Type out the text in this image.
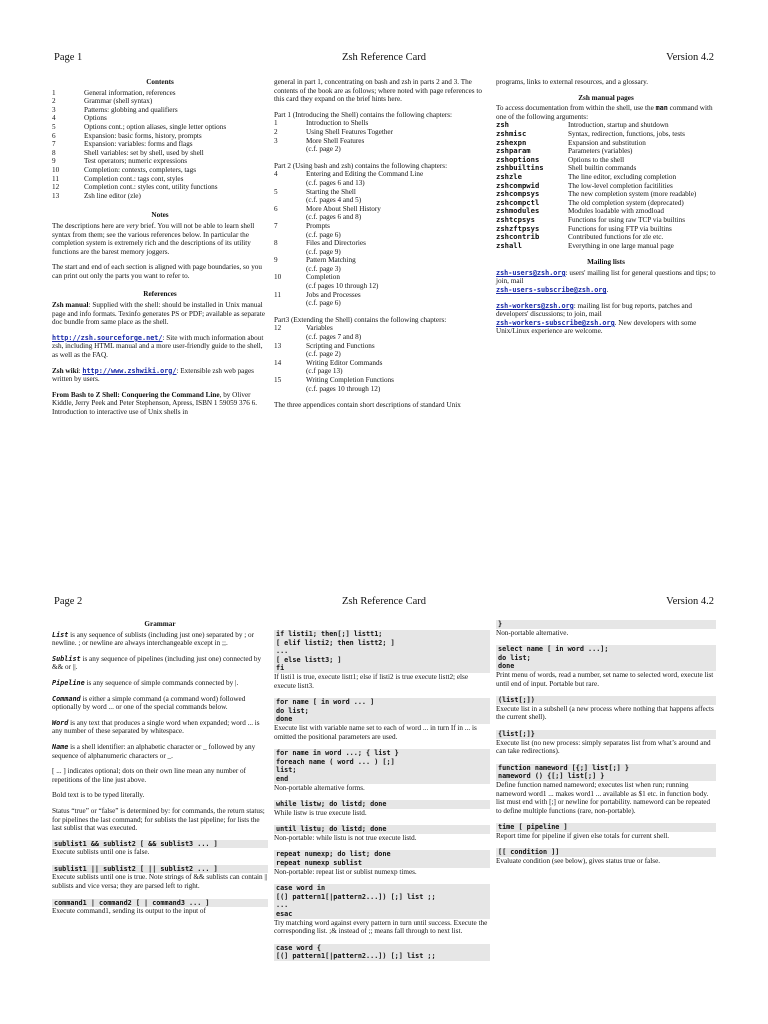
Page 1	Zsh Reference Card	Version 4.2
Contents
1	General information, references
2	Grammar (shell syntax)
3	Patterns: globbing and qualifiers
4	Options
5	Options cont.; option aliases, single letter options
6	Expansion: basic forms, history, prompts
7	Expansion: variables: forms and flags
8	Shell variables: set by shell, used by shell
9	Test operators; numeric expressions
10	Completion: contexts, completers, tags
11	Completion cont.: tags cont, styles
12	Completion cont.: styles cont, utility functions
13	Zsh line editor (zle)
Notes
The descriptions here are very brief. You will not be able to learn shell syntax from them; see the various references below. In particular the completion system is extremely rich and the descriptions of its utility functions are the barest memory joggers.
The start and end of each section is aligned with page boundaries, so you can print out only the parts you want to refer to.
References
Zsh manual: Supplied with the shell: should be installed in Unix manual page and info formats. Texinfo generates PS or PDF; available as separate doc bundle from same place as the shell.
http://zsh.sourceforge.net/: Site with much information about zsh, including HTML manual and a more user-friendly guide to the shell, as well as the FAQ.
Zsh wiki: http://www.zshwiki.org/: Extensible zsh web pages written by users.
From Bash to Z Shell: Conquering the Command Line, by Oliver Kiddle, Jerry Peek and Peter Stephenson, Apress, ISBN 1 59059 376 6. Introduction to interactive use of Unix shells in
general in part 1, concentrating on bash and zsh in parts 2 and 3. The contents of the book are as follows; where noted with page references to this card they expand on the brief hints here.
Part 1 (Introducing the Shell) contains the following chapters:
1	Introduction to Shells
2	Using Shell Features Together
3	More Shell Features
	(c.f. page 2)
Part 2 (Using bash and zsh) contains the following chapters:
4	Entering and Editing the Command Line
	(c.f. pages 6 and 13)
5	Starting the Shell
	(c.f. pages 4 and 5)
6	More About Shell History
	(c.f. pages 6 and 8)
7	Prompts
	(c.f. page 6)
8	Files and Directories
	(c.f. page 9)
9	Pattern Matching
	(c.f. page 3)
10	Completion
	(c.f pages 10 through 12)
11	Jobs and Processes
	(c.f. page 6)
Part3 (Extending the Shell) contains the following chapters:
12	Variables
	(c.f. pages 7 and 8)
13	Scripting and Functions
	(c.f. page 2)
14	Writing Editor Commands
	(c.f page 13)
15	Writing Completion Functions
	(c.f. pages 10 through 12)
The three appendices contain short descriptions of standard Unix
programs, links to external resources, and a glossary.
Zsh manual pages
To access documentation from within the shell, use the man command with one of the following arguments:
zsh	Introduction, startup and shutdown
zshmisc	Syntax, redirection, functions, jobs, tests
zshexpn	Expansion and substitution
zshparam	Parameters (variables)
zshoptions	Options to the shell
zshbuiltins	Shell builtin commands
zshzle	The line editor, excluding completion
zshcompwid	The low-level completion facitilities
zshcompsys	The new completion system (more readable)
zshcompctl	The old completion system (deprecated)
zshmodules	Modules loadable with zmodload
zshtcpsys	Functions for using raw TCP via builtins
zshzftpsys	Functions for using FTP via builtins
zshcontrib	Contributed functions for zle etc.
zshall	Everything in one large manual page
Mailing lists
zsh-users@zsh.org: users' mailing list for general questions and tips; to join, mail
zsh-users-subscribe@zsh.org.
zsh-workers@zsh.org: mailing list for bug reports, patches and developers' discussions; to join, mail
zsh-workers-subscribe@zsh.org. New developers with some Unix/Linux experience are welcome.
Page 2	Zsh Reference Card	Version 4.2
Grammar
List is any sequence of sublists (including just one) separated by ; or newline. ; or newline are always interchangeable except in ;;.
Sublist is any sequence of pipelines (including just one) connected by && or ||.
Pipeline is any sequence of simple commands connected by |.
Command is either a simple command (a command word) followed optionally by word ... or one of the special commands below.
Word is any text that produces a single word when expanded; word ... is any number of these separated by whitespace.
Name is a shell identifier: an alphabetic character or _ followed by any sequence of alphanumeric characters or _.
[ ... ] indicates optional; dots on their own line mean any number of repetitions of the line just above.
Bold text is to be typed literally.
Status “true” or “false” is determined by: for commands, the return status; for pipelines the last command; for sublists the last pipeline; for lists the last sublist that was executed.
sublist1 && sublist2 [ && sublist3 ... ]
Execute sublists until one is false.
sublist1 || sublist2 [ || sublist2 ... ]
Execute sublists until one is true. Note strings of && sublists can contain || sublists and vice versa; they are parsed left to right.
command1 | command2 [ | command3 ... ]
Execute command1, sending its output to the input of
if listi1; then[;] listt1;
[ elif listi2; then listt2; ]
...
[ else listt3; ]
fi
If listi1 is true, execute listt1; else if listi2 is true execute listt2; else execute listt3.
for name [ in word ... ]
do list;
done
Execute list with variable name set to each of word ... in turn If in ... is omitted the positional parameters are used.
for name in word ...; { list }
foreach name ( word ... ) [;]
list;
end
Non-portable alternative forms.
while listw; do listd; done
While listw is true execute listd.
until listu; do listd; done
Non-portable: while listu is not true execute listd.
repeat numexp; do list; done
repeat numexp sublist
Non-portable: repeat list or sublist numexp times.
case word in
[(] pattern1[|pattern2...]) [;] list ;;
...
esac
Try matching word against every pattern in turn until success. Execute the corresponding list. ;& instead of ;; means fall through to next list.
case word {
[(] pattern1[|pattern2...]) [;] list ;;
}
Non-portable alternative.
select name [ in word ...];
do list;
done
Print menu of words, read a number, set name to selected word, execute list until end of input. Portable but rare.
(list[;])
Execute list in a subshell (a new process where nothing that happens affects the current shell).
{list[;]}
Execute list (no new process: simply separates list from what’s around and can take redirections).
function nameword [{;] list[;] }
nameword () {[;] list[;] }
Define function named nameword; executes list when run; running nameword word1 ... makes word1 ... available as $1 etc. in function body. list must end with [;] or newline for portability. nameword can be repeated to define multiple functions (rare, non-portable).
time [ pipeline ]
Report time for pipeline if given else totals for current shell.
[[ condition ]]
Evaluate condition (see below), gives status true or false.
